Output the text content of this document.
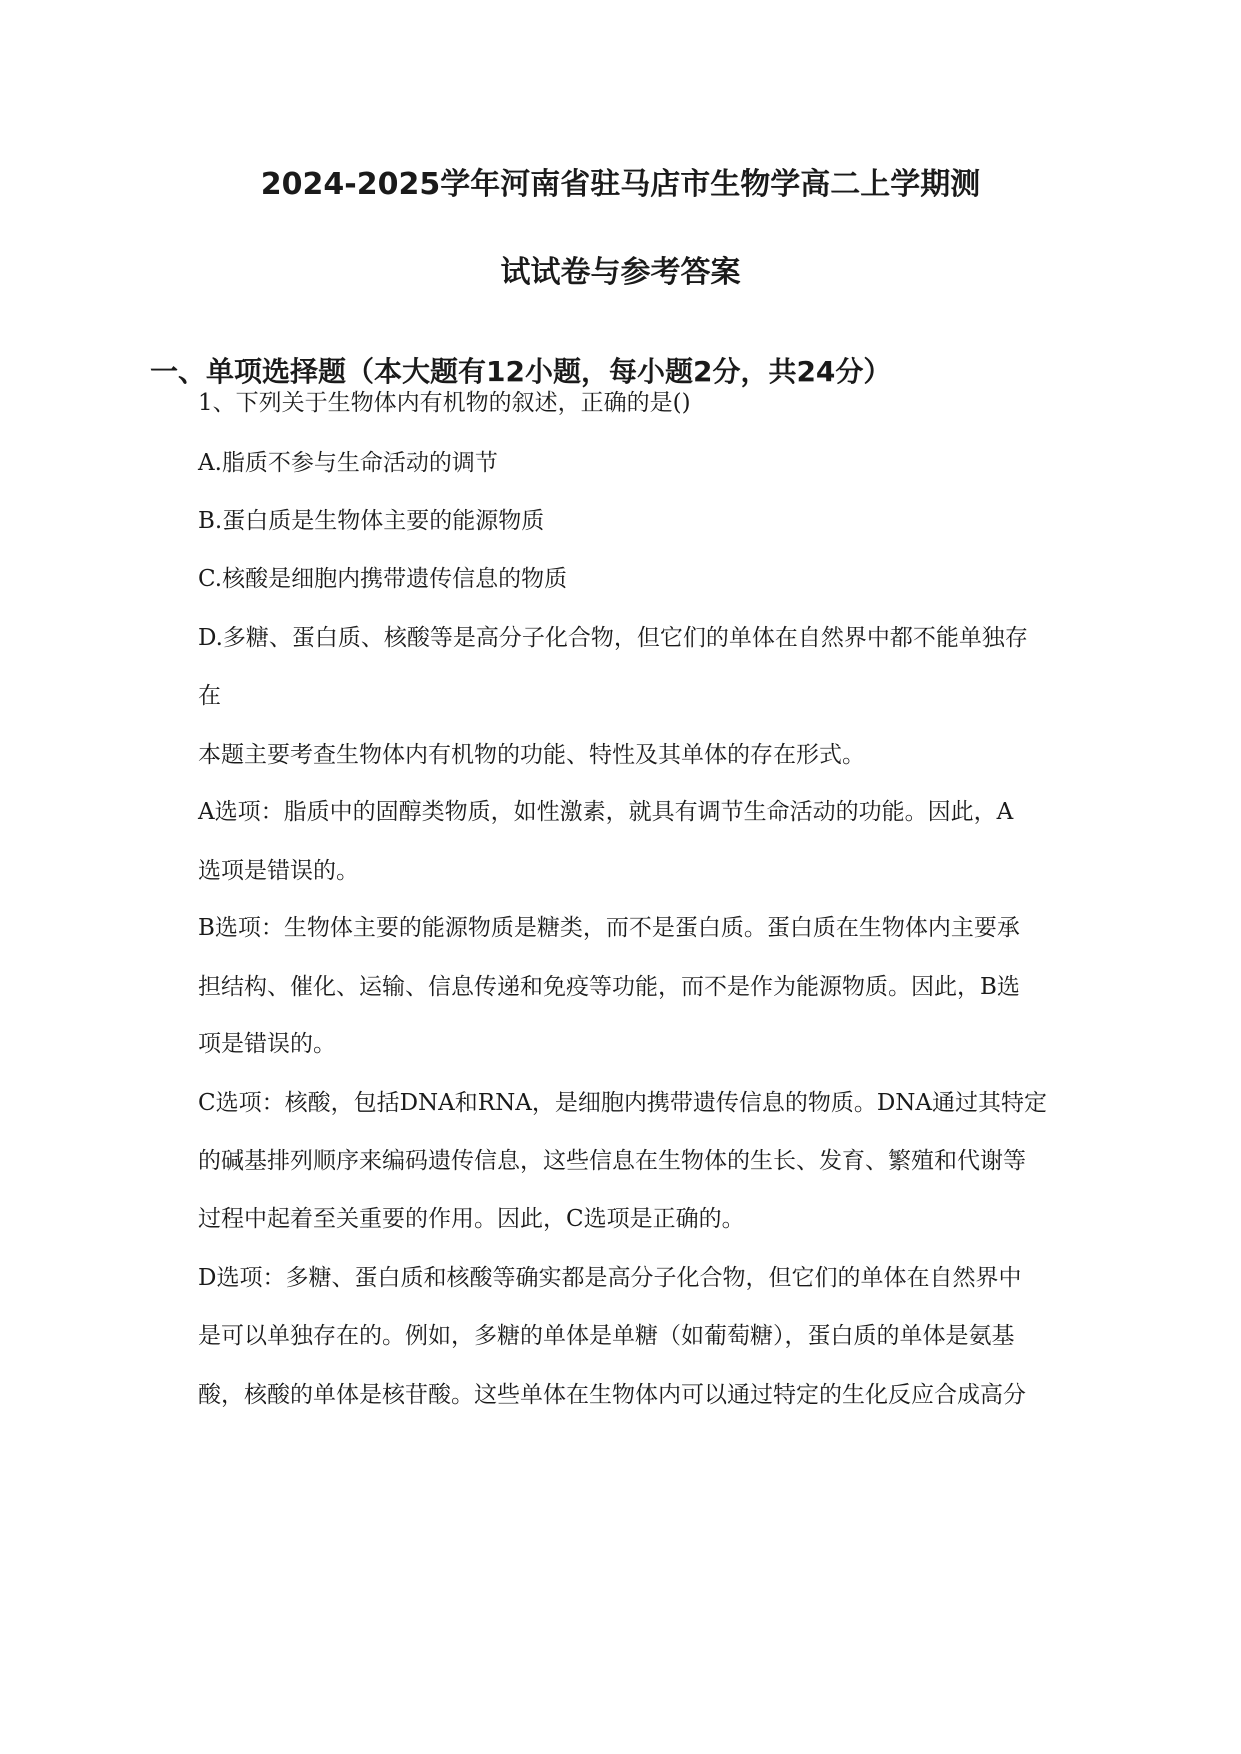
2024-2025学年河南省驻马店市生物学高二上学期测
试试卷与参考答案
一、单项选择题（本大题有12小题，每小题2分，共24分）
1、下列关于生物体内有机物的叙述，正确的是()
A.脂质不参与生命活动的调节
B.蛋白质是生物体主要的能源物质
C.核酸是细胞内携带遗传信息的物质
D.多糖、蛋白质、核酸等是高分子化合物，但它们的单体在自然界中都不能单独存
在
本题主要考查生物体内有机物的功能、特性及其单体的存在形式。
A选项：脂质中的固醇类物质，如性激素，就具有调节生命活动的功能。因此，A
选项是错误的。
B选项：生物体主要的能源物质是糖类，而不是蛋白质。蛋白质在生物体内主要承
担结构、催化、运输、信息传递和免疫等功能，而不是作为能源物质。因此，B选
项是错误的。
C选项：核酸，包括DNA和RNA，是细胞内携带遗传信息的物质。DNA通过其特定
的碱基排列顺序来编码遗传信息，这些信息在生物体的生长、发育、繁殖和代谢等
过程中起着至关重要的作用。因此，C选项是正确的。
D选项：多糖、蛋白质和核酸等确实都是高分子化合物，但它们的单体在自然界中
是可以单独存在的。例如，多糖的单体是单糖（如葡萄糖），蛋白质的单体是氨基
酸，核酸的单体是核苷酸。这些单体在生物体内可以通过特定的生化反应合成高分
